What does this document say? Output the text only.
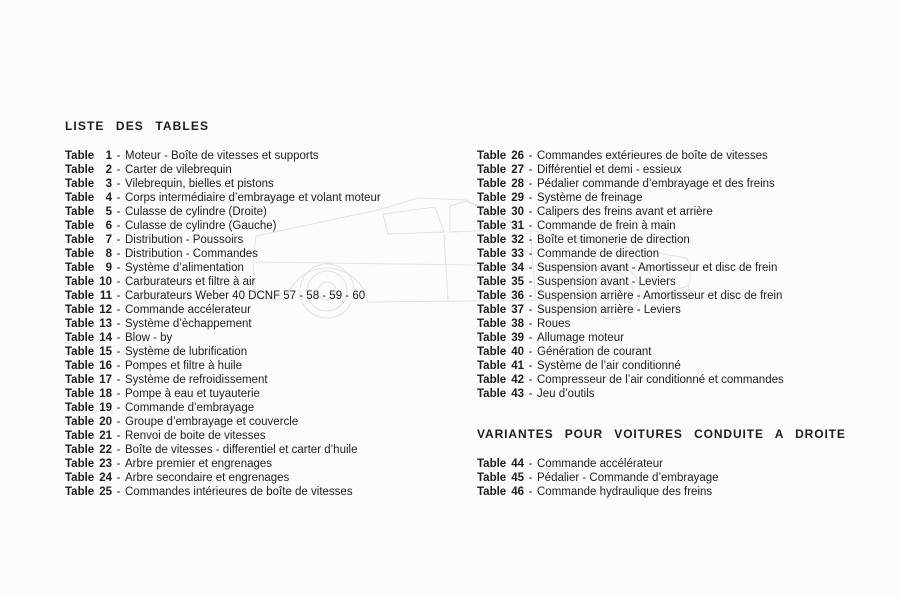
LISTE DES TABLES
Table 1 - Moteur - Boîte de vitesses et supports
Table 2 - Carter de vilebrequin
Table 3 - Vilebrequin, bielles et pistons
Table 4 - Corps intermédiaire d’embrayage et volant moteur
Table 5 - Culasse de cylindre (Droite)
Table 6 - Culasse de cylindre (Gauche)
Table 7 - Distribution - Poussoirs
Table 8 - Distribution - Commandes
Table 9 - Système d’alimentation
Table 10 - Carburateurs et filtre à air
Table 11 - Carburateurs Weber 40 DCNF 57 - 58 - 59 - 60
Table 12 - Commande accélerateur
Table 13 - Système d’èchappement
Table 14 - Blow - by
Table 15 - Système de lubrification
Table 16 - Pompes et filtre à huile
Table 17 - Système de refroidissement
Table 18 - Pompe à eau et tuyauterie
Table 19 - Commande d’embrayage
Table 20 - Groupe d’embrayage et couvercle
Table 21 - Renvoi de boite de vitesses
Table 22 - Boîte de vitesses - differentiel et carter d’huile
Table 23 - Arbre premier et engrenages
Table 24 - Arbre secondaire et engrenages
Table 25 - Commandes intérieures de boîte de vitesses
Table 26 - Commandes extérieures de boîte de vitesses
Table 27 - Différentiel et demi - essieux
Table 28 - Pédalier commande d’embrayage et des freins
Table 29 - Système de freinage
Table 30 - Calipers des freins avant et arrière
Table 31 - Commande de frein à main
Table 32 - Boîte et timonerie de direction
Table 33 - Commande de direction
Table 34 - Suspension avant - Amortisseur et disc de frein
Table 35 - Suspension avant - Leviers
Table 36 - Suspension arrière - Amortisseur et disc de frein
Table 37 - Suspension arrière - Leviers
Table 38 - Roues
Table 39 - Allumage moteur
Table 40 - Génération de courant
Table 41 - Système de l’air conditionné
Table 42 - Compresseur de l’air conditionné et commandes
Table 43 - Jeu d’outils
VARIANTES POUR VOITURES CONDUITE A DROITE
Table 44 - Commande accélérateur
Table 45 - Pédalier - Commande d’embrayage
Table 46 - Commande hydraulique des freins
